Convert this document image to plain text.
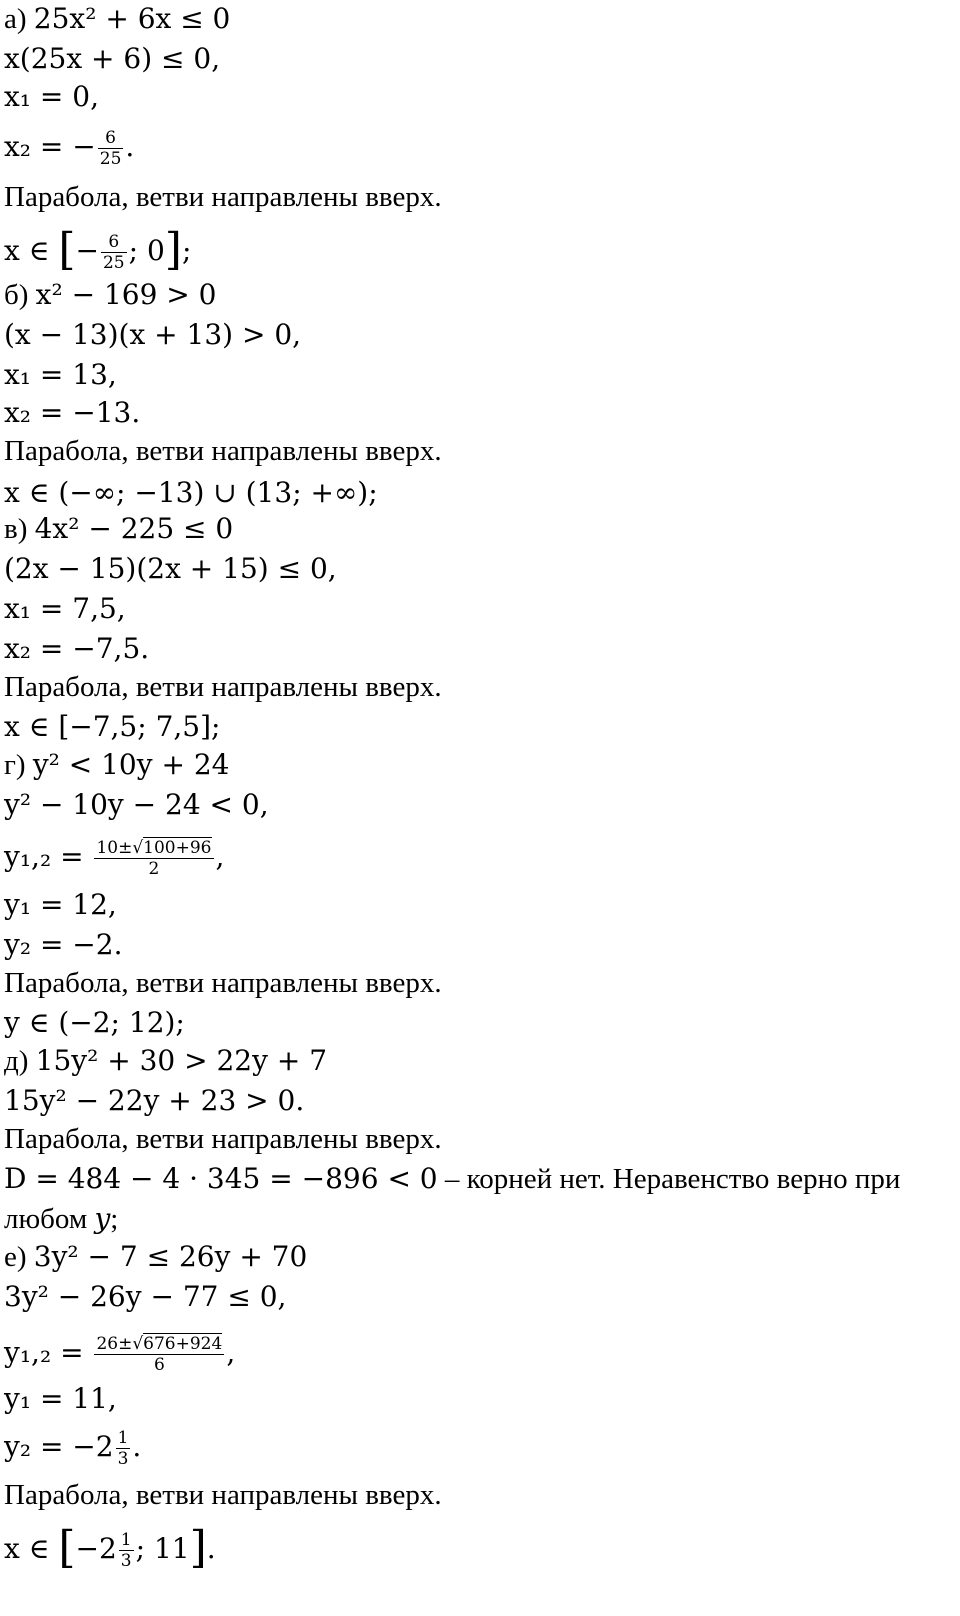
а) 25x² + 6x ≤ 0
x(25x + 6) ≤ 0,
x₁ = 0,
x₂ = − $\frac{6}{25}$ .
Парабола, ветви направлены вверх.
x ∈ [− $\frac{6}{25}$ ; 0];
б) x² − 169 > 0
(x − 13)(x + 13) > 0,
x₁ = 13,
x₂ = −13.
Парабола, ветви направлены вверх.
x ∈ (−∞; −13) ∪ (13; +∞);
в) 4x² − 225 ≤ 0
(2x − 15)(2x + 15) ≤ 0,
x₁ = 7,5,
x₂ = −7,5.
Парабола, ветви направлены вверх.
x ∈ [−7,5; 7,5];
г) y² < 10y + 24
y² − 10y − 24 < 0,
$y_1,_2 = \frac{10\pm√100+96}{2}$ ,
y₁ = 12,
y₂ = −2.
Парабола, ветви направлены вверх.
y ∈ (−2; 12);
д) 15y² + 30 > 22y + 7
15y² − 22y + 23 > 0.
Парабола, ветви направлены вверх.
D = 484 − 4 · 345 = −896 < 0 – корней нет. Неравенство верно при
любом y;
е) 3y² − 7 ≤ 26y + 70
3y² − 26y − 77 ≤ 0,
$y_1,_2 = \frac{26\pm√676+924}{6}$ ,
y₁ = 11,
$y_2 = -2 \frac{1}{3}$ .
Парабола, ветви направлены вверх.
x ∈ [$-2 \frac{1}{3}$ ; 11].
